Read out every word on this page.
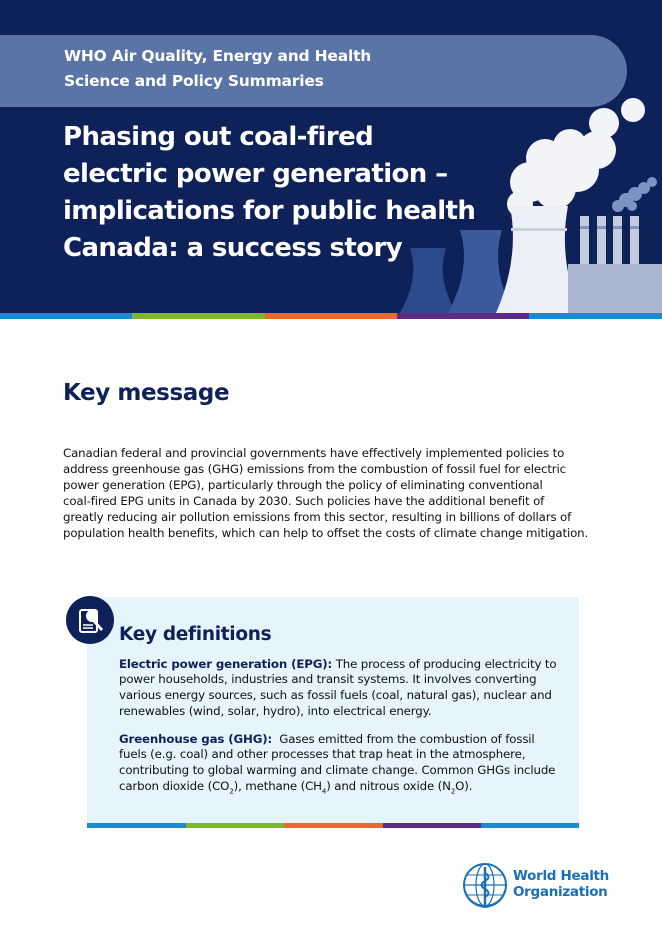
WHO Air Quality, Energy and Health
Science and Policy Summaries
Phasing out coal-fired
electric power generation –
implications for public health
Canada: a success story
Key message
Canadian federal and provincial governments have effectively implemented policies to
address greenhouse gas (GHG) emissions from the combustion of fossil fuel for electric
power generation (EPG), particularly through the policy of eliminating conventional
coal-fired EPG units in Canada by 2030. Such policies have the additional benefit of
greatly reducing air pollution emissions from this sector, resulting in billions of dollars of
population health benefits, which can help to offset the costs of climate change mitigation.
Key definitions
Electric power generation (EPG): The process of producing electricity to
power households, industries and transit systems. It involves converting
various energy sources, such as fossil fuels (coal, natural gas), nuclear and
renewables (wind, solar, hydro), into electrical energy.
Greenhouse gas (GHG): Gases emitted from the combustion of fossil
fuels (e.g. coal) and other processes that trap heat in the atmosphere,
contributing to global warming and climate change. Common GHGs include
carbon dioxide $(CO_2)$, methane $(CH_4)$ and nitrous oxide $(N_2O)$.
World Health
Organization
